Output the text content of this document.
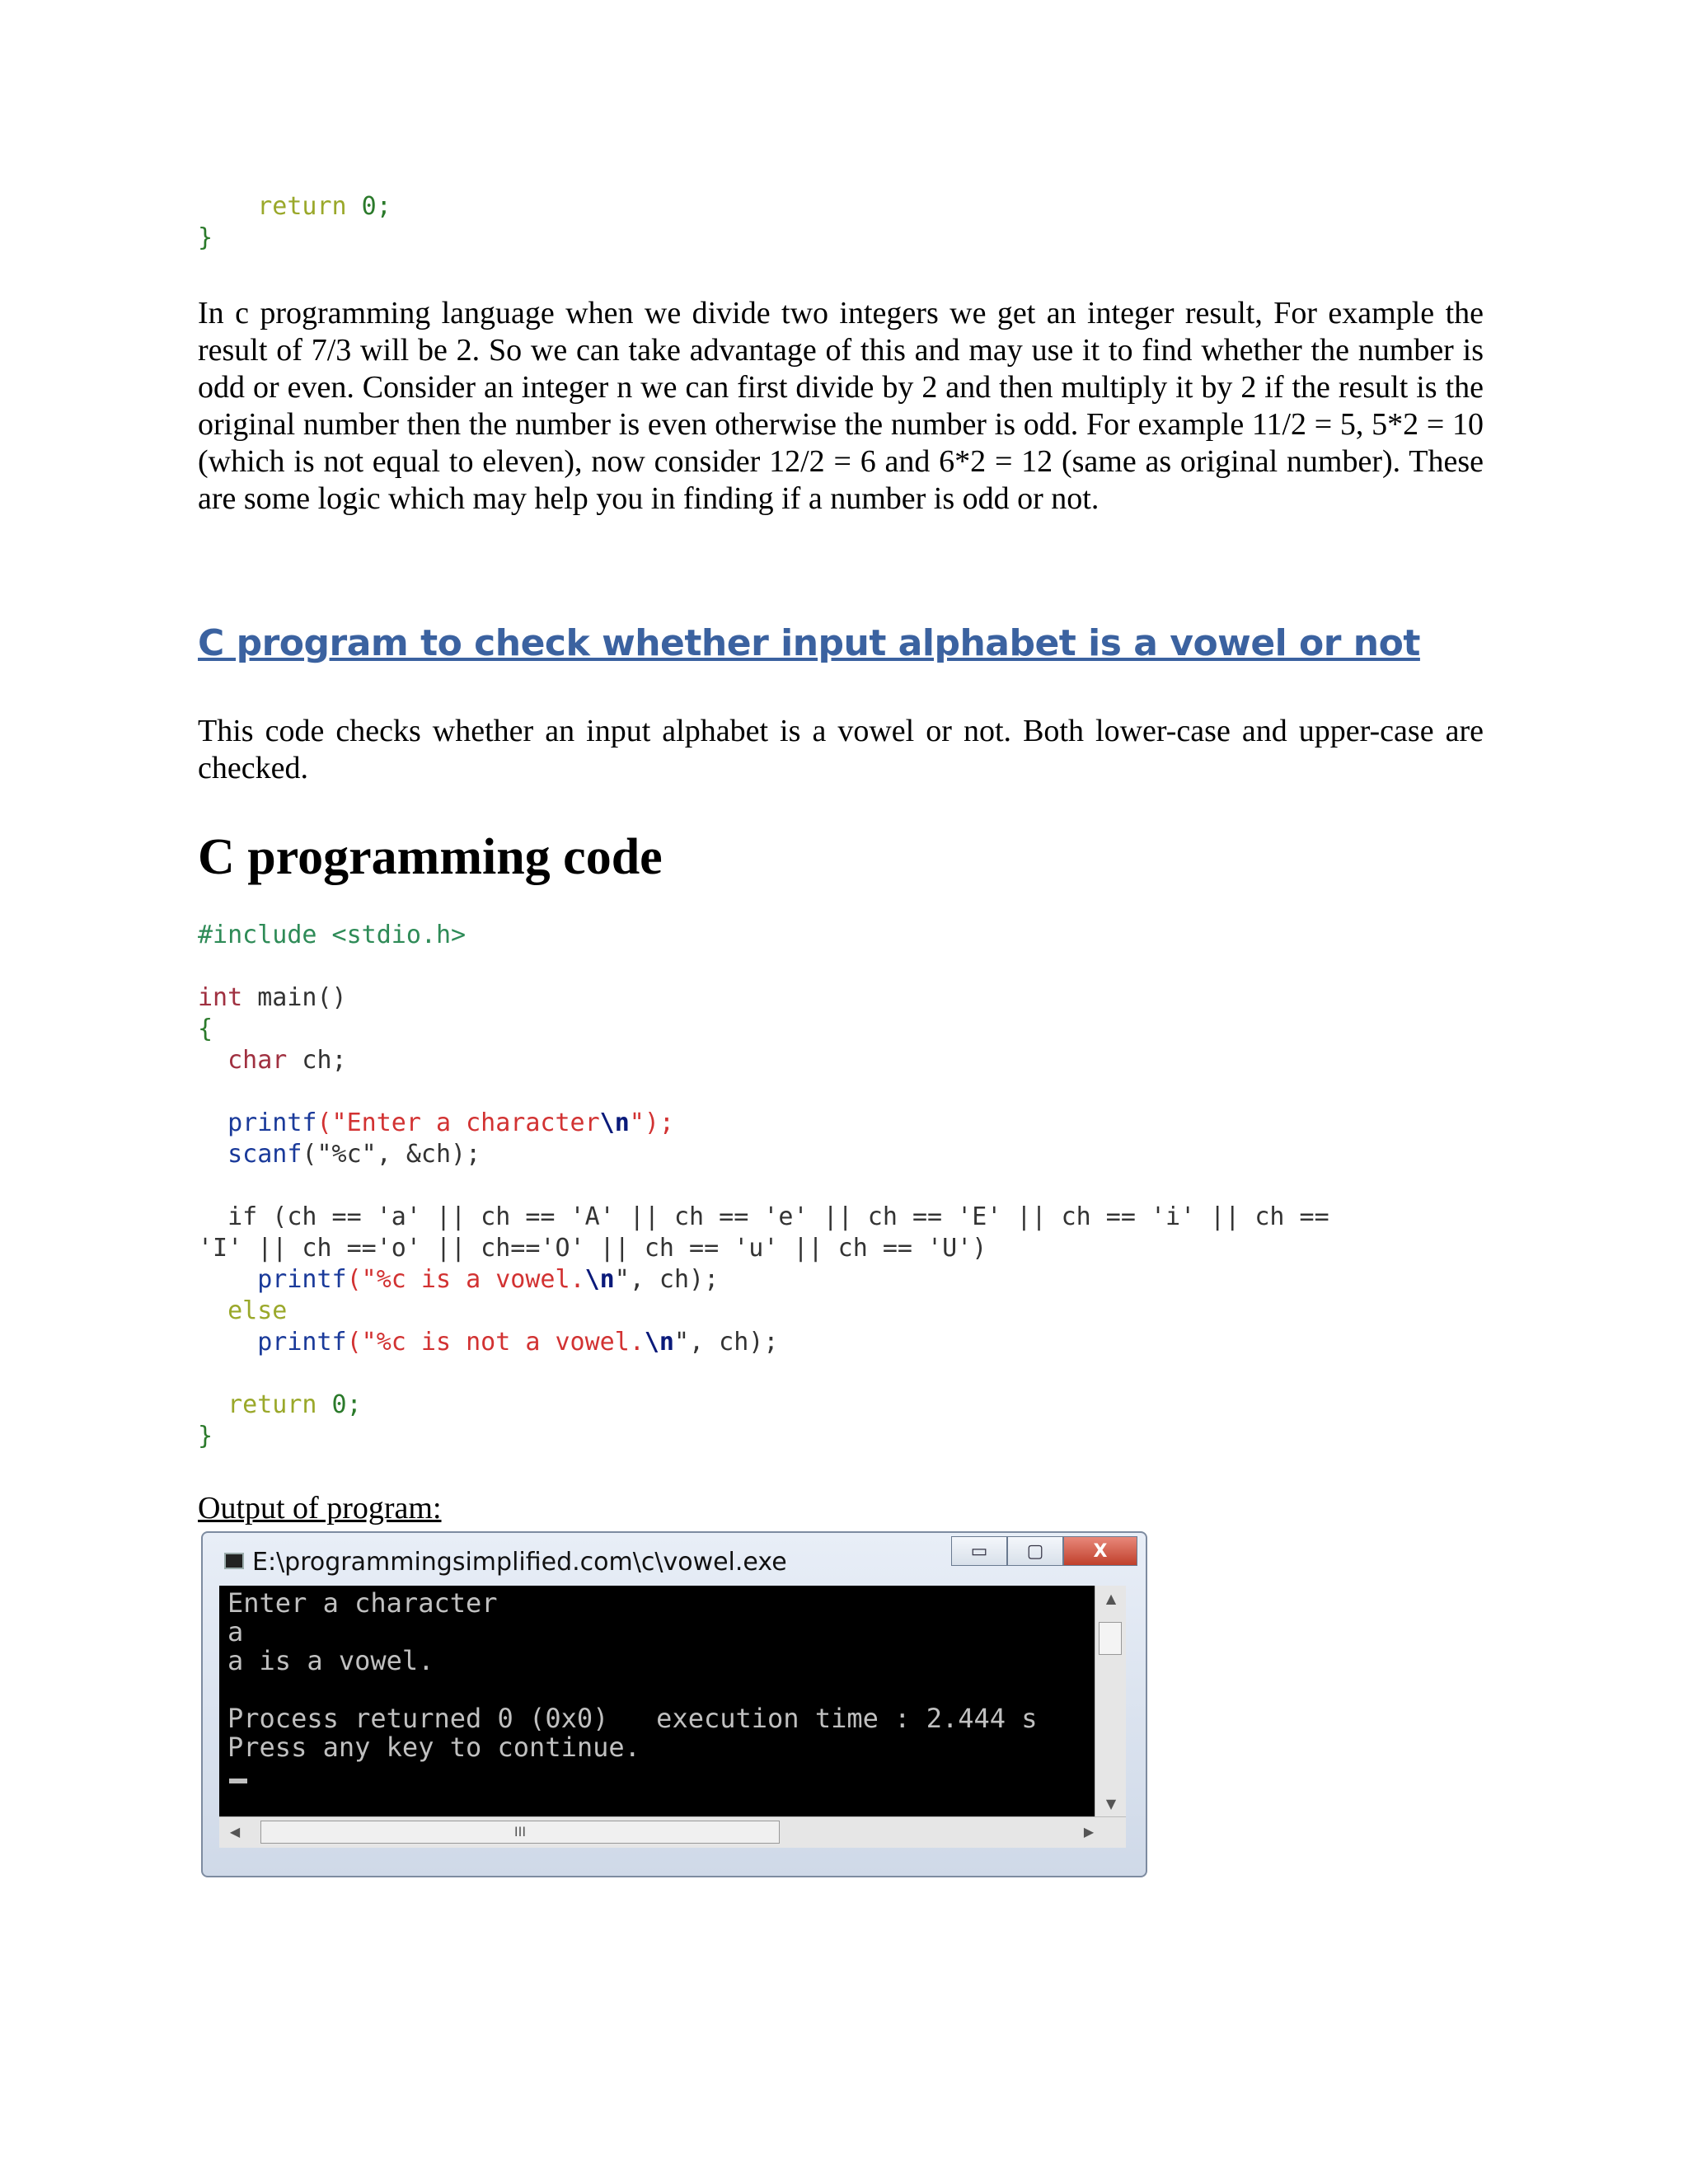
return 0;
}

In c programming language when we divide two integers we get an integer result, For example the result of 7/3 will be 2. So we can take advantage of this and may use it to find whether the number is odd or even. Consider an integer n we can first divide by 2 and then multiply it by 2 if the result is the original number then the number is even otherwise the number is odd. For example 11/2 = 5, 5*2 = 10 (which is not equal to eleven), now consider 12/2 = 6 and 6*2 = 12 (same as original number). These are some logic which may help you in finding if a number is odd or not.

C program to check whether input alphabet is a vowel or not

This code checks whether an input alphabet is a vowel or not. Both lower-case and upper-case are checked.

C programming code
#include <stdio.h>

int main()
{
char ch;

printf("Enter a character\n");
scanf("%c", &ch);

if (ch == 'a' || ch == 'A' || ch == 'e' || ch == 'E' || ch == 'i' || ch ==
'I' || ch =='o' || ch=='O' || ch == 'u' || ch == 'U')
printf("%c is a vowel.\n", ch);
else
printf("%c is not a vowel.\n", ch);

return 0;
}

Output of program:

E:\programmingsimplified.com\c\vowel.exe	▭	▢	X
Enter a character
a
a is a vowel.

Process returned 0 (0x0)   execution time : 2.444 s
Press any key to continue.
▲
▼
◀	III	▶
